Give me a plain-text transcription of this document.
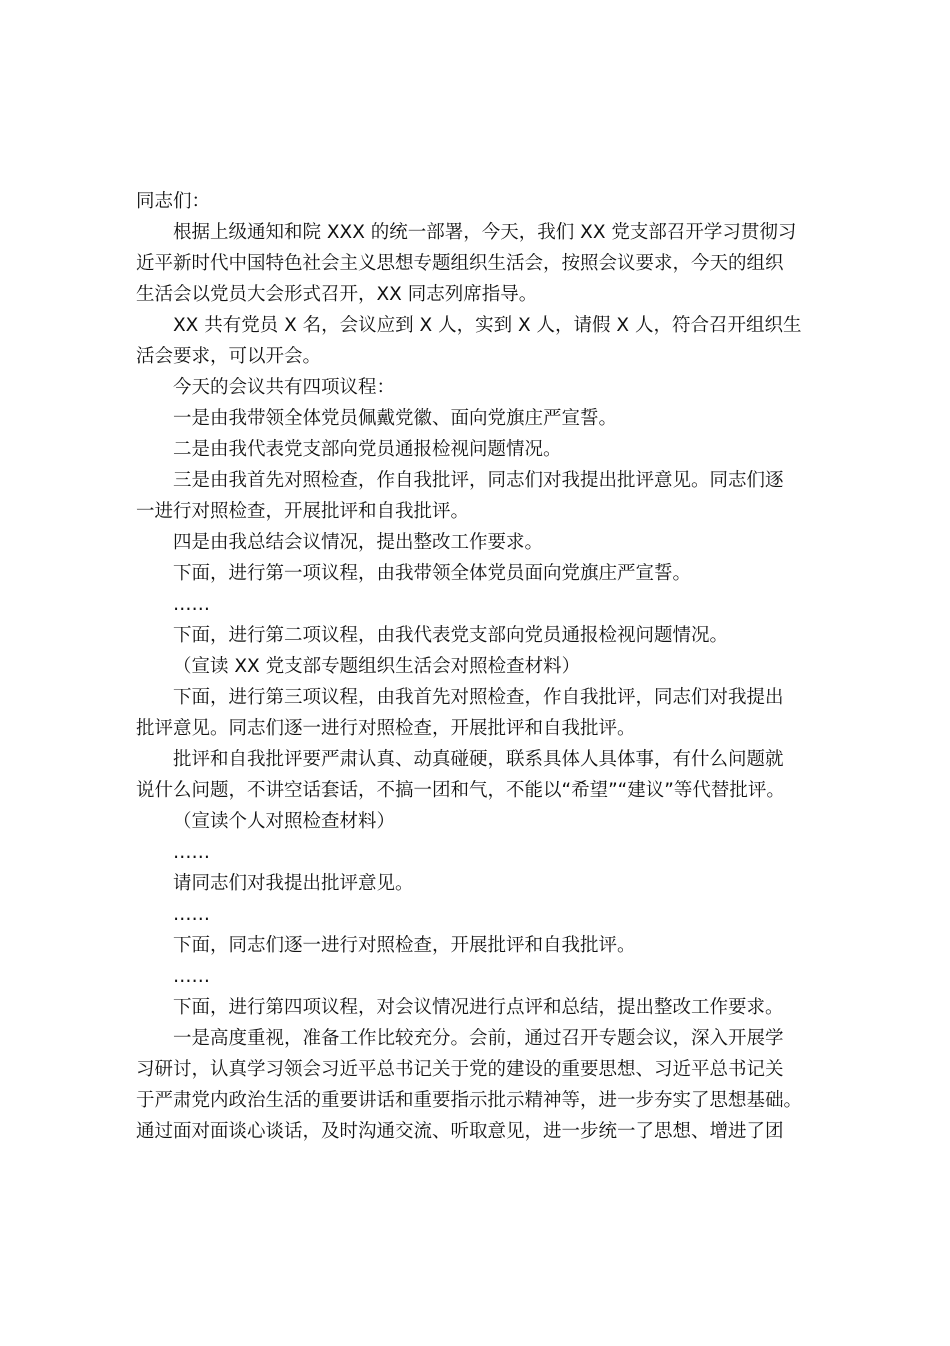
同志们：

根据上级通知和院 XXX 的统一部署，今天，我们 XX 党支部召开学习贯彻习

近平新时代中国特色社会主义思想专题组织生活会，按照会议要求，今天的组织

生活会以党员大会形式召开，XX 同志列席指导。

XX 共有党员 X 名，会议应到 X 人，实到 X 人，请假 X 人，符合召开组织生

活会要求，可以开会。

今天的会议共有四项议程：

一是由我带领全体党员佩戴党徽、面向党旗庄严宣誓。

二是由我代表党支部向党员通报检视问题情况。

三是由我首先对照检查，作自我批评，同志们对我提出批评意见。同志们逐

一进行对照检查，开展批评和自我批评。

四是由我总结会议情况，提出整改工作要求。

下面，进行第一项议程，由我带领全体党员面向党旗庄严宣誓。

……

下面，进行第二项议程，由我代表党支部向党员通报检视问题情况。

（宣读 XX 党支部专题组织生活会对照检查材料）

下面，进行第三项议程，由我首先对照检查，作自我批评，同志们对我提出

批评意见。同志们逐一进行对照检查，开展批评和自我批评。

批评和自我批评要严肃认真、动真碰硬，联系具体人具体事，有什么问题就

说什么问题，不讲空话套话，不搞一团和气，不能以“希望”“建议”等代替批评。

（宣读个人对照检查材料）

……

请同志们对我提出批评意见。

……

下面，同志们逐一进行对照检查，开展批评和自我批评。

……

下面，进行第四项议程，对会议情况进行点评和总结，提出整改工作要求。

一是高度重视，准备工作比较充分。会前，通过召开专题会议，深入开展学

习研讨，认真学习领会习近平总书记关于党的建设的重要思想、习近平总书记关

于严肃党内政治生活的重要讲话和重要指示批示精神等，进一步夯实了思想基础。

通过面对面谈心谈话，及时沟通交流、听取意见，进一步统一了思想、增进了团
